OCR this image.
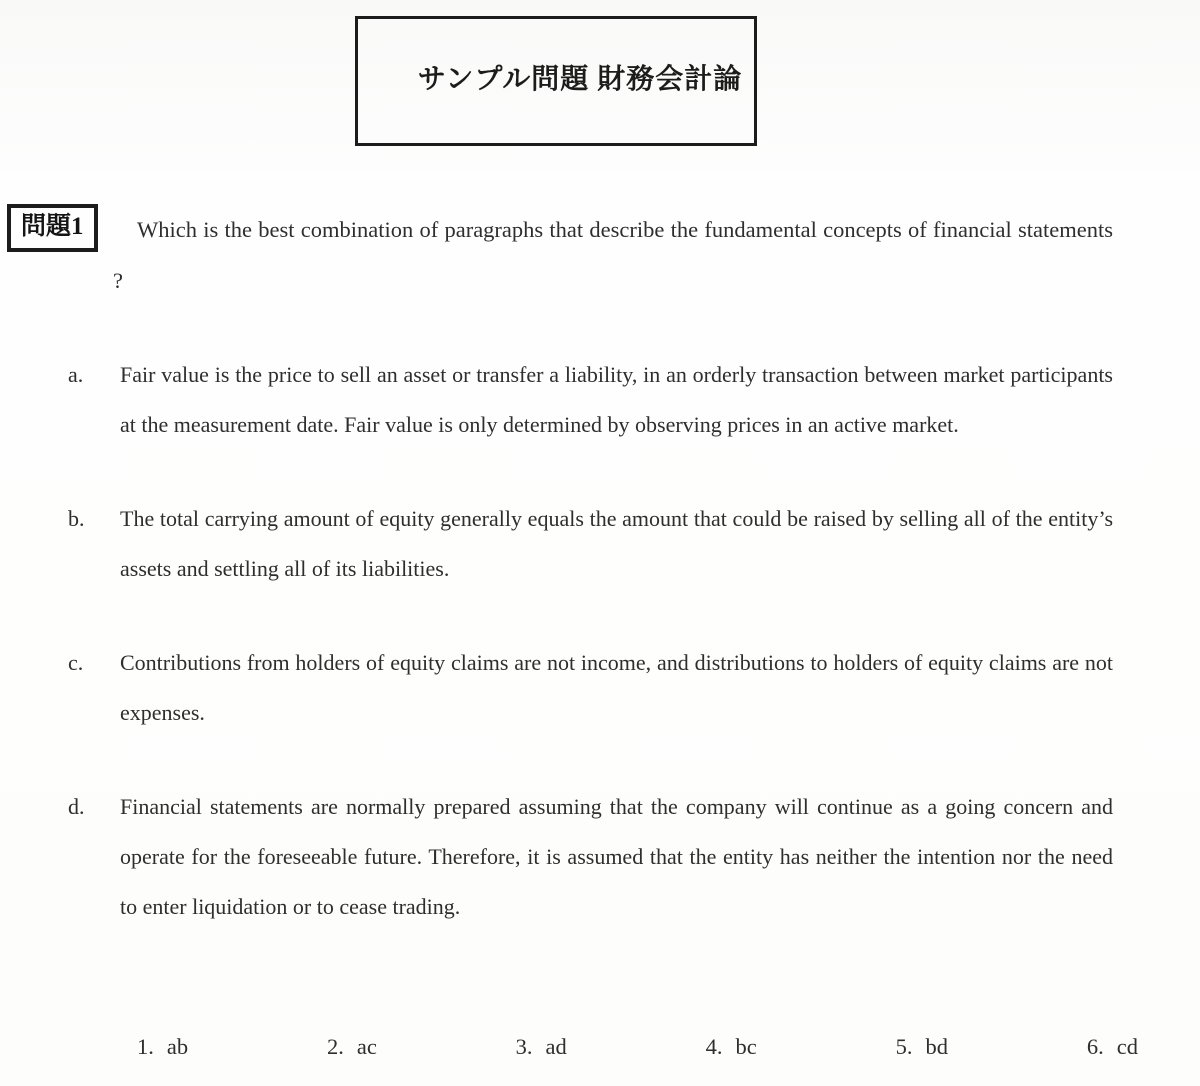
サンプル問題 財務会計論

問題1	Which is the best combination of paragraphs that describe the fundamental concepts of financial statements ?

a.	Fair value is the price to sell an asset or transfer a liability, in an orderly transaction between market participants at the measurement date. Fair value is only determined by observing prices in an active market.

b.	The total carrying amount of equity generally equals the amount that could be raised by selling all of the entity’s assets and settling all of its liabilities.

c.	Contributions from holders of equity claims are not income, and distributions to holders of equity claims are not expenses.

d.	Financial statements are normally prepared assuming that the company will continue as a going concern and operate for the foreseeable future. Therefore, it is assumed that the entity has neither the intention nor the need to enter liquidation or to cease trading.

1. ab	2. ac	3. ad	4. bc	5. bd	6. cd
